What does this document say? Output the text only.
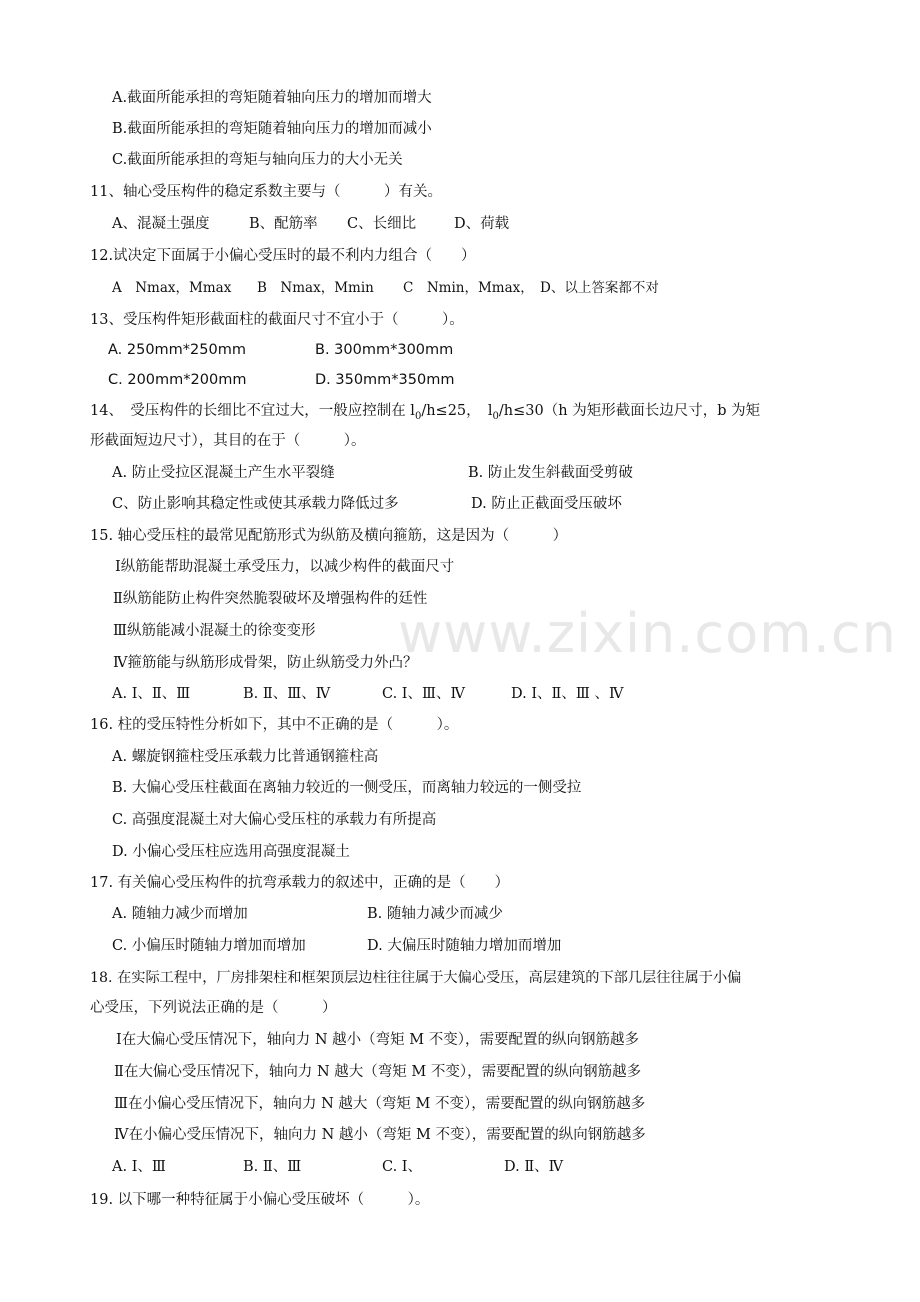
www.zixin.com.cn
A.截面所能承担的弯矩随着轴向压力的增加而增大
B.截面所能承担的弯矩随着轴向压力的增加而减小
C.截面所能承担的弯矩与轴向压力的大小无关
11、轴心受压构件的稳定系数主要与（　　　）有关。
A、混凝土强度	B、配筋率 C、长细比	D、荷载
12.试决定下面属于小偏心受压时的最不利内力组合（　　）
A　Nmax，Mmax B　Nmax，Mmin C　Nmin，Mmax， D、以上答案都不对
13、受压构件矩形截面柱的截面尺寸不宜小于（　　　）。
A. 250mm*250mm	B. 300mm*300mm
C. 200mm*200mm	D. 350mm*350mm
14、　受压构件的长细比不宜过大，一般应控制在 $l_0/h\le 25$，　$l_0/h\le 30(h$ 为矩形截面长边尺寸，b 为矩
形截面短边尺寸），其目的在于（　　　）。
A. 防止受拉区混凝土产生水平裂缝	B. 防止发生斜截面受剪破
C、防止影响其稳定性或使其承载力降低过多	D. 防止正截面受压破坏
15. 轴心受压柱的最常见配筋形式为纵筋及横向箍筋，这是因为（　　　）
Ⅰ纵筋能帮助混凝土承受压力，以减少构件的截面尺寸
Ⅱ纵筋能防止构件突然脆裂破坏及增强构件的廷性
Ⅲ纵筋能减小混凝土的徐变变形
Ⅳ箍筋能与纵筋形成骨架，防止纵筋受力外凸？
A. Ⅰ、Ⅱ、Ⅲ	B. Ⅱ、Ⅲ、Ⅳ	C. Ⅰ、Ⅲ、Ⅳ	D. Ⅰ、Ⅱ、Ⅲ 、Ⅳ
16. 柱的受压特性分析如下，其中不正确的是（　　　）。
A. 螺旋钢箍柱受压承载力比普通钢箍柱高
B. 大偏心受压柱截面在离轴力较近的一侧受压，而离轴力较远的一侧受拉
C. 高强度混凝土对大偏心受压柱的承载力有所提高
D. 小偏心受压柱应选用高强度混凝土
17. 有关偏心受压构件的抗弯承载力的叙述中，正确的是（　　）
A. 随轴力减少而增加	B. 随轴力减少而减少
C. 小偏压时随轴力增加而增加	D. 大偏压时随轴力增加而增加
18. 在实际工程中，厂房排架柱和框架顶层边柱往往属于大偏心受压，高层建筑的下部几层往往属于小偏
心受压，下列说法正确的是（　　　）
Ⅰ在大偏心受压情况下，轴向力 N 越小（弯矩 M 不变），需要配置的纵向钢筋越多
Ⅱ在大偏心受压情况下，轴向力 N 越大（弯矩 M 不变），需要配置的纵向钢筋越多
Ⅲ在小偏心受压情况下，轴向力 N 越大（弯矩 M 不变），需要配置的纵向钢筋越多
Ⅳ在小偏心受压情况下，轴向力 N 越小（弯矩 M 不变），需要配置的纵向钢筋越多
A. Ⅰ、Ⅲ	B. Ⅱ、Ⅲ	C. Ⅰ、	D. Ⅱ、Ⅳ
19. 以下哪一种特征属于小偏心受压破坏（　　　）。
